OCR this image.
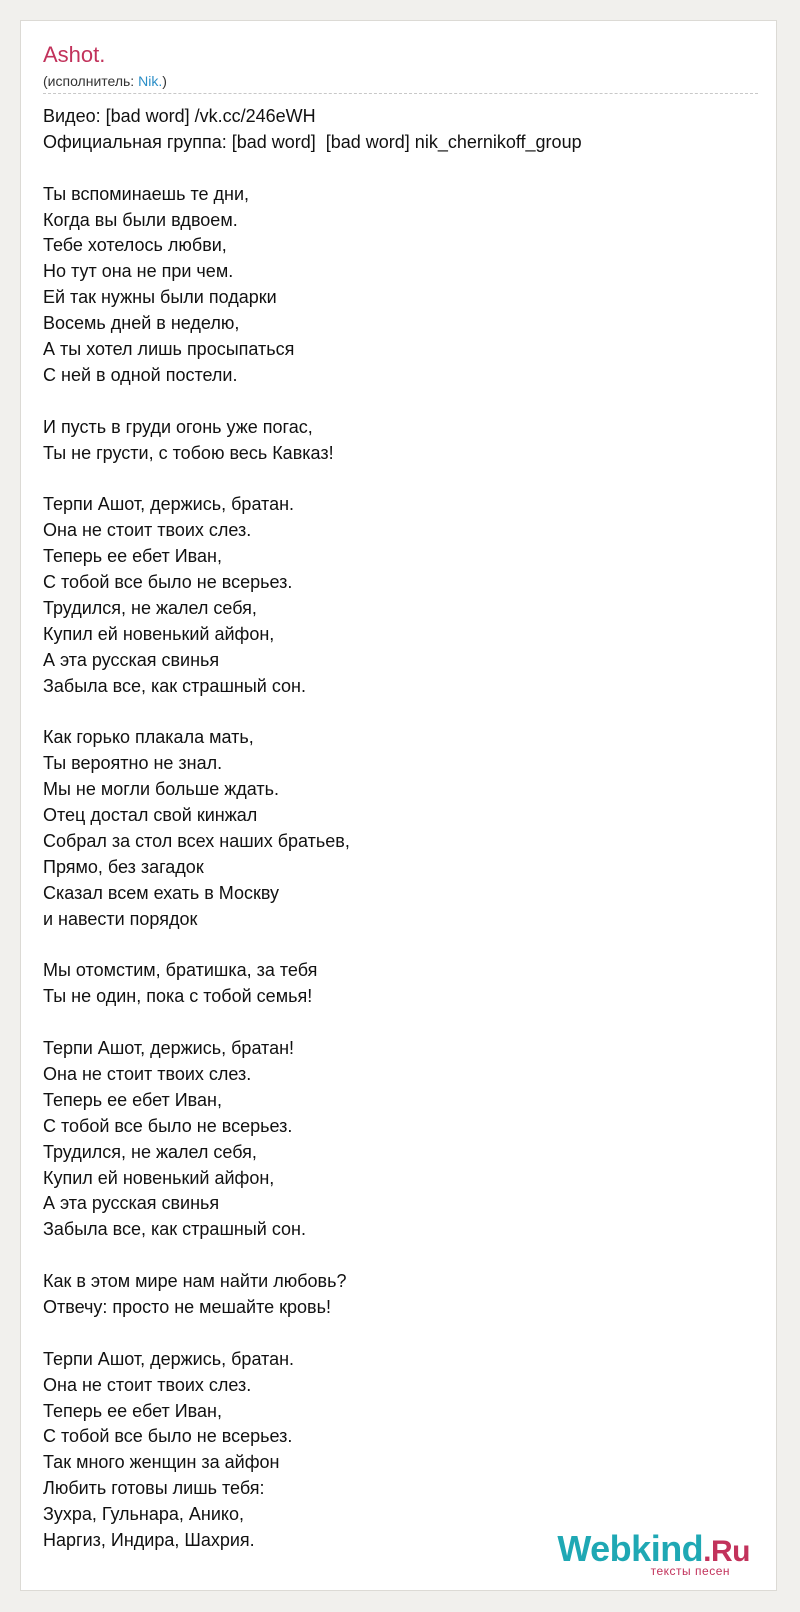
Ashot.
(исполнитель: Nik.)
Видео: [bad word] /vk.cc/246eWH
Официальная группа: [bad word]  [bad word] nik_chernikoff_group
Ты вспоминаешь те дни,
Когда вы были вдвоем.
Тебе хотелось любви,
Но тут она не при чем.
Ей так нужны были подарки
Восемь дней в неделю,
А ты хотел лишь просыпаться
С ней в одной постели.
И пусть в груди огонь уже погас,
Ты не грусти, с тобою весь Кавказ!
Терпи Ашот, держись, братан.
Она не стоит твоих слез.
Теперь ее ебет Иван,
С тобой все было не всерьез.
Трудился, не жалел себя,
Купил ей новенький айфон,
А эта русская свинья
Забыла все, как страшный сон.
Как горько плакала мать,
Ты вероятно не знал.
Мы не могли больше ждать.
Отец достал свой кинжал
Собрал за стол всех наших братьев,
Прямо, без загадок
Сказал всем ехать в Москву
и навести порядок
Мы отомстим, братишка, за тебя
Ты не один, пока с тобой семья!
Терпи Ашот, держись, братан!
Она не стоит твоих слез.
Теперь ее ебет Иван,
С тобой все было не всерьез.
Трудился, не жалел себя,
Купил ей новенький айфон,
А эта русская свинья
Забыла все, как страшный сон.
Как в этом мире нам найти любовь?
Отвечу: просто не мешайте кровь!
Терпи Ашот, держись, братан.
Она не стоит твоих слез.
Теперь ее ебет Иван,
С тобой все было не всерьез.
Так много женщин за айфон
Любить готовы лишь тебя:
Зухра, Гульнара, Анико,
Наргиз, Индира, Шахрия.	Webkind.Ru
тексты песен
